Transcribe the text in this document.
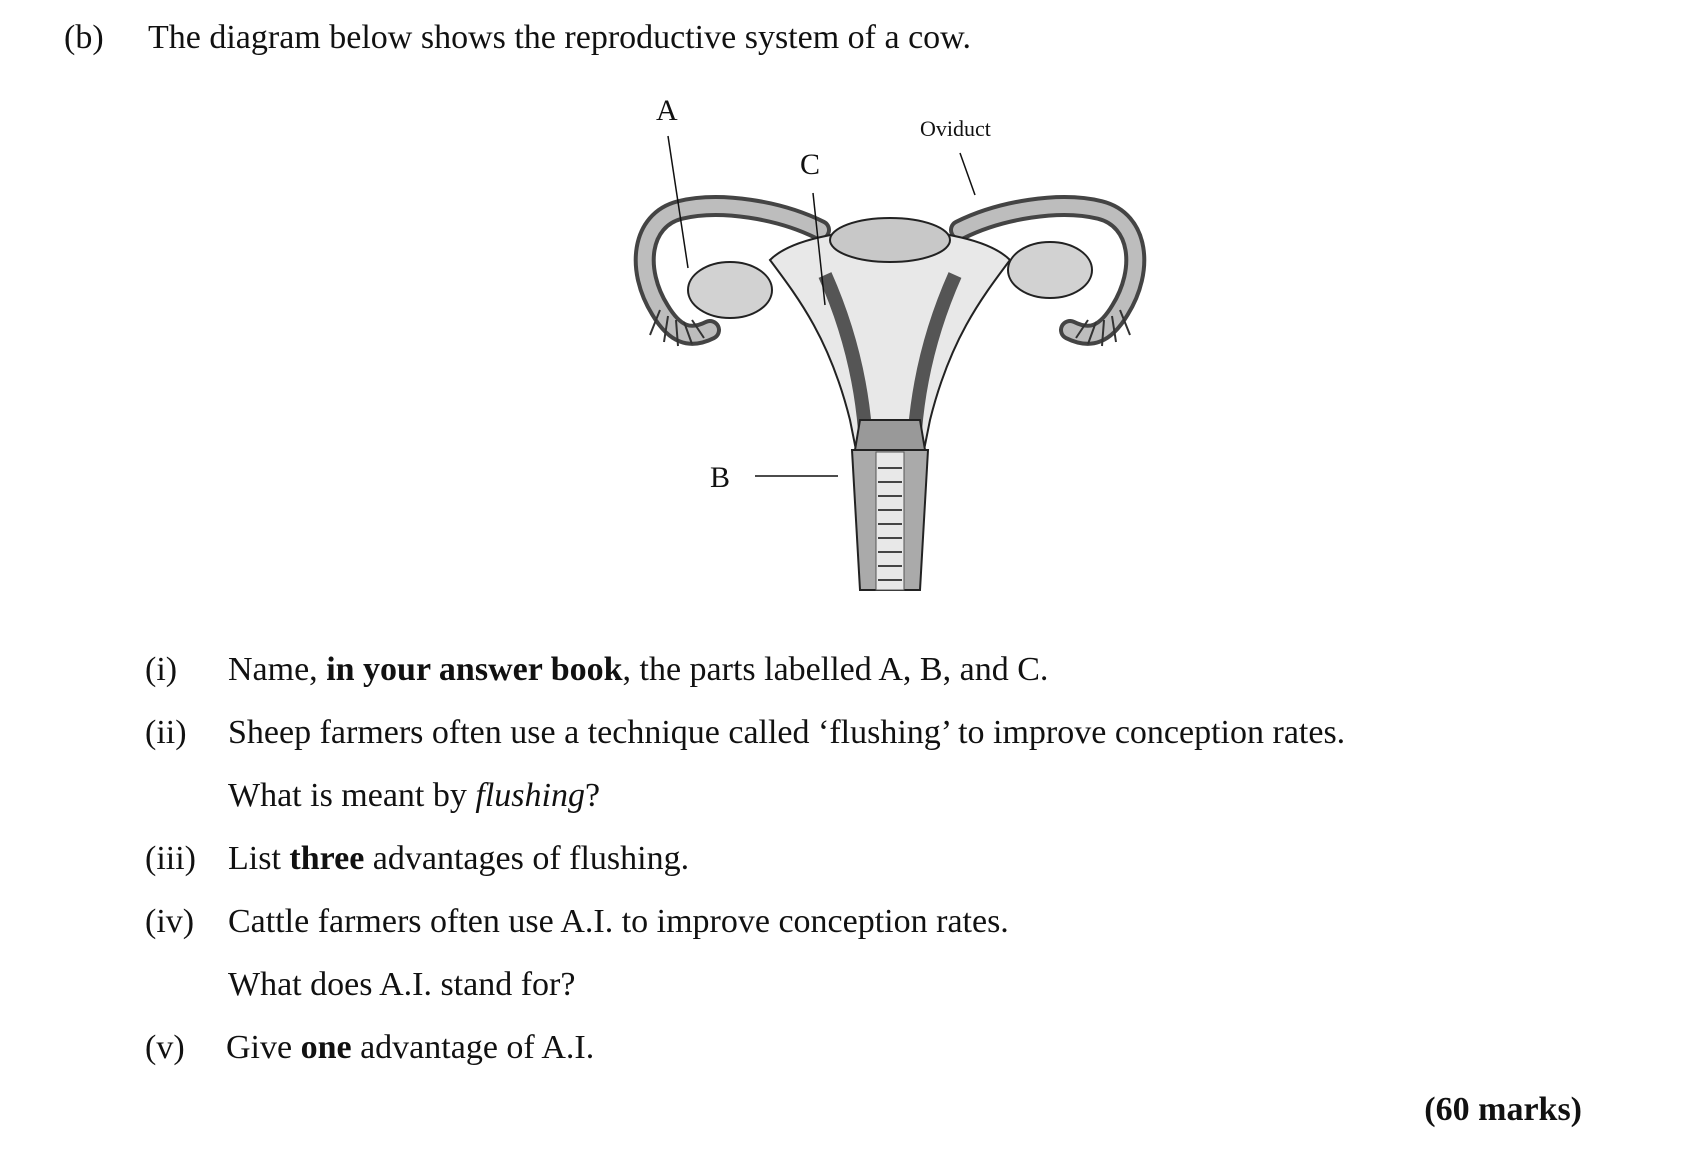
(b) The diagram below shows the reproductive system of a cow.
A
C
Oviduct
B
(i) Name, in your answer book, the parts labelled A, B, and C.
(ii) Sheep farmers often use a technique called ‘flushing’ to improve conception rates.
What is meant by flushing?
(iii) List three advantages of flushing.
(iv) Cattle farmers often use A.I. to improve conception rates.
What does A.I. stand for?
(v) Give one advantage of A.I.
(60 marks)
